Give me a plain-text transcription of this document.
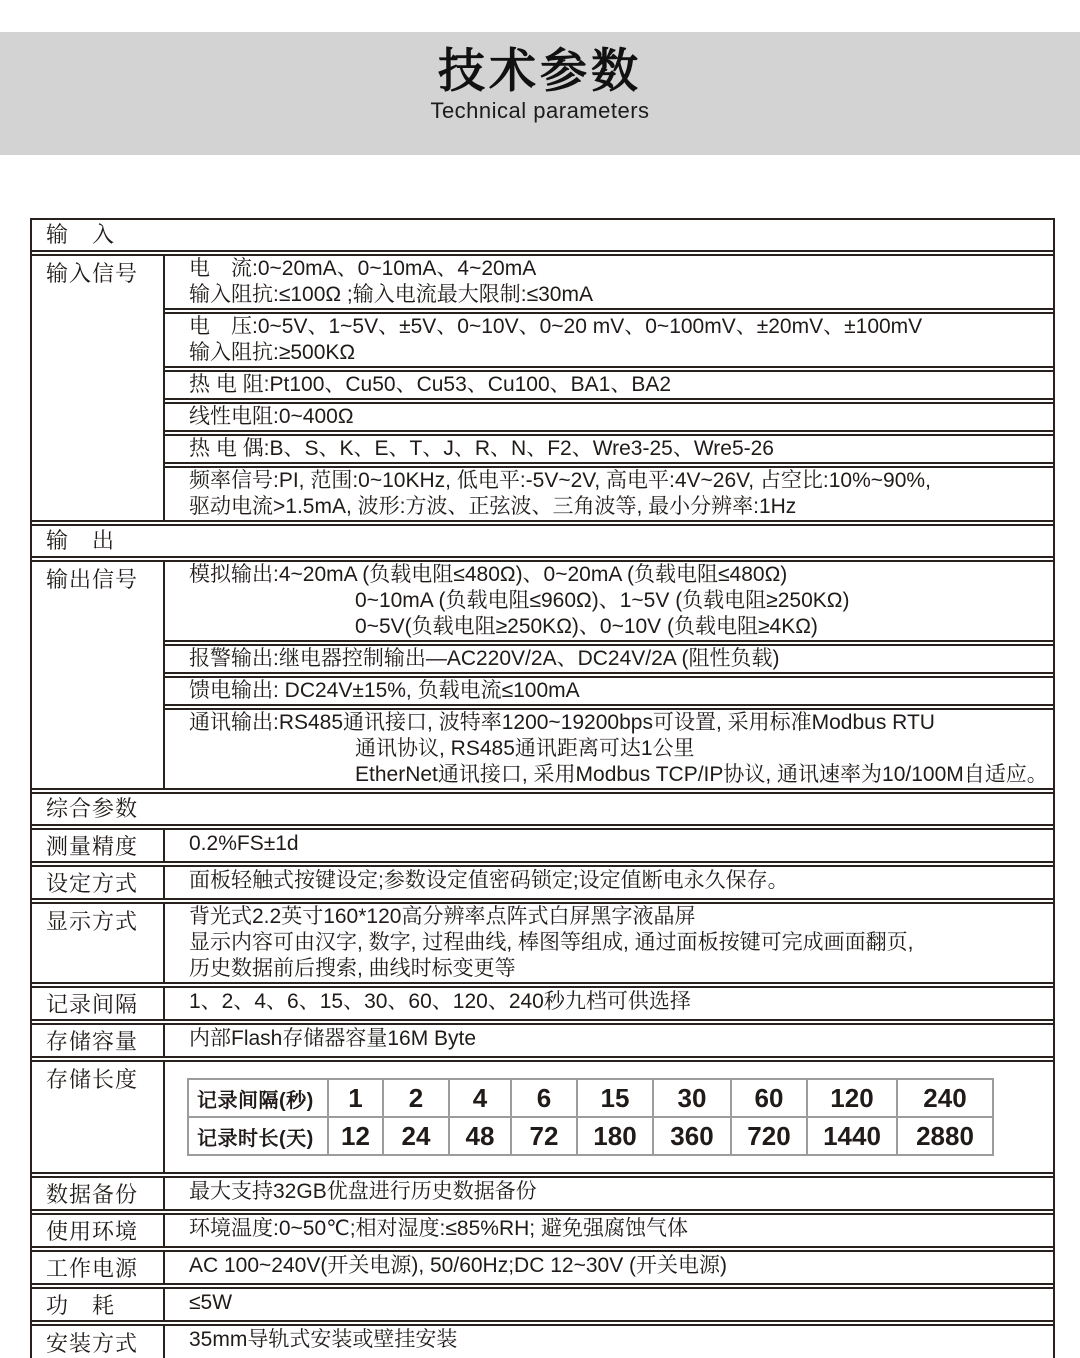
技术参数
Technical parameters
输　入
输入信号	电　流:0~20mA、0~10mA、4~20mA
输入阻抗:≤100Ω ;输入电流最大限制:≤30mA
电　压:0~5V、1~5V、±5V、0~10V、0~20 mV、0~100mV、±20mV、±100mV
输入阻抗:≥500KΩ
热 电 阻:Pt100、Cu50、Cu53、Cu100、BA1、BA2
线性电阻:0~400Ω
热 电 偶:B、S、K、E、T、J、R、N、F2、Wre3-25、Wre5-26
频率信号:PI, 范围:0~10KHz, 低电平:-5V~2V, 高电平:4V~26V, 占空比:10%~90%,
驱动电流>1.5mA, 波形:方波、正弦波、三角波等, 最小分辨率:1Hz
输　出
输出信号	模拟输出:4~20mA (负载电阻≤480Ω)、0~20mA (负载电阻≤480Ω)
0~10mA (负载电阻≤960Ω)、1~5V (负载电阻≥250KΩ)
0~5V(负载电阻≥250KΩ)、0~10V (负载电阻≥4KΩ)
报警输出:继电器控制输出—AC220V/2A、DC24V/2A (阻性负载)
馈电输出: DC24V±15%, 负载电流≤100mA
通讯输出:RS485通讯接口, 波特率1200~19200bps可设置, 采用标准Modbus RTU
通讯协议, RS485通讯距离可达1公里
EtherNet通讯接口, 采用Modbus TCP/IP协议, 通讯速率为10/100M自适应。
综合参数
测量精度	0.2%FS±1d
设定方式	面板轻触式按键设定;参数设定值密码锁定;设定值断电永久保存。
显示方式	背光式2.2英寸160*120高分辨率点阵式白屏黑字液晶屏
显示内容可由汉字, 数字, 过程曲线, 棒图等组成, 通过面板按键可完成画面翻页,
历史数据前后搜索, 曲线时标变更等
记录间隔	1、2、4、6、15、30、60、120、240秒九档可供选择
存储容量	内部Flash存储器容量16M Byte
存储长度
记录间隔(秒)	1	2	4	6	15	30	60	120	240
记录时长(天)	12	24	48	72	180	360	720	1440	2880
数据备份	最大支持32GB优盘进行历史数据备份
使用环境	环境温度:0~50℃;相对湿度:≤85%RH; 避免强腐蚀气体
工作电源	AC 100~240V(开关电源), 50/60Hz;DC 12~30V (开关电源)
功　耗	≤5W
安装方式	35mm导轨式安装或壁挂安装
